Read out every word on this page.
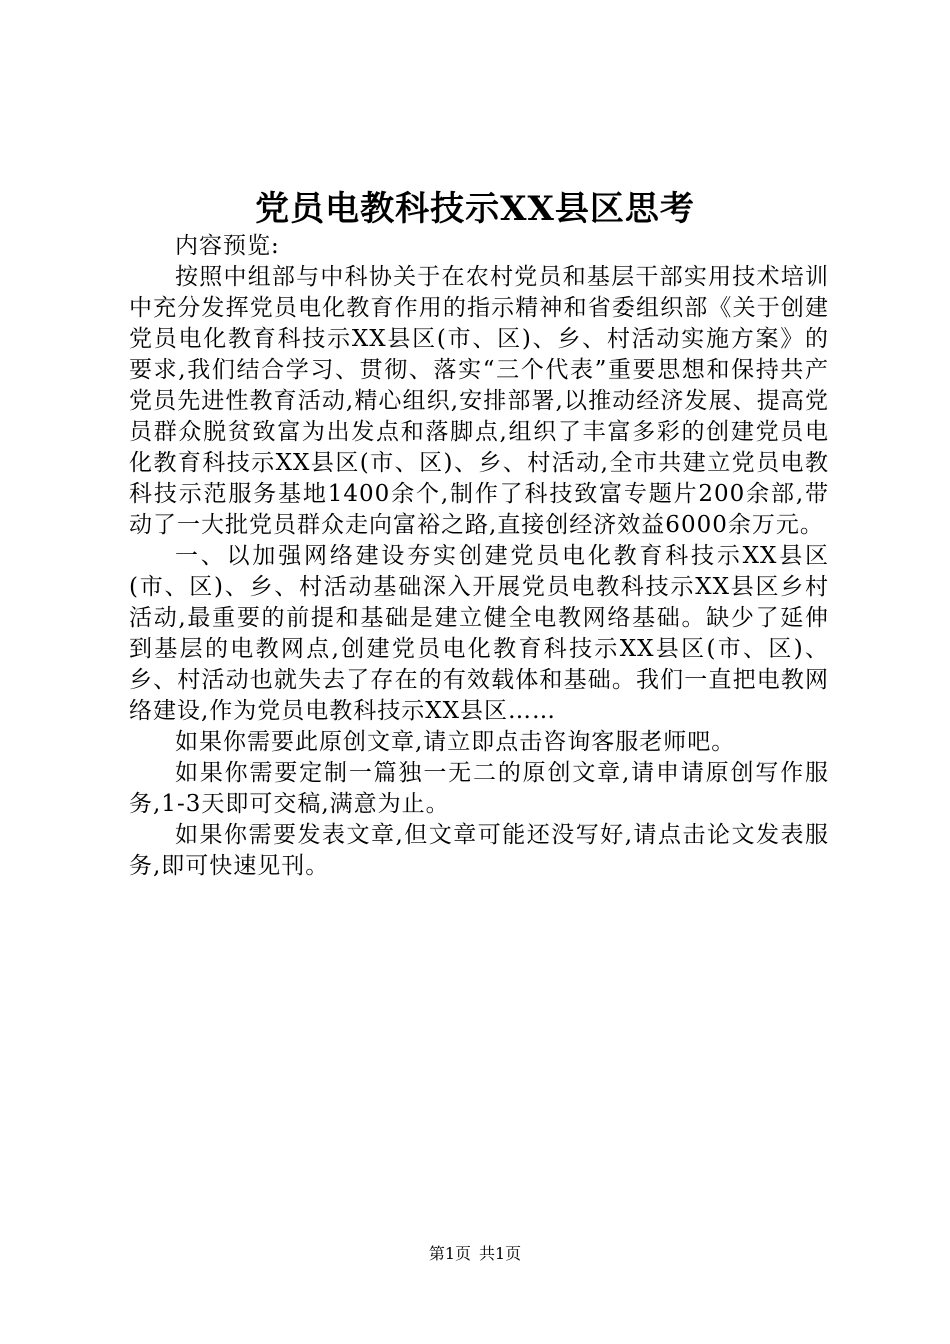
党员电教科技示XX县区思考

内容预览:

按照中组部与中科协关于在农村党员和基层干部实用技术培训中充分发挥党员电化教育作用的指示精神和省委组织部《关于创建党员电化教育科技示XX县区(市、区)、乡、村活动实施方案》的要求,我们结合学习、贯彻、落实“三个代表”重要思想和保持共产党员先进性教育活动,精心组织,安排部署,以推动经济发展、提高党员群众脱贫致富为出发点和落脚点,组织了丰富多彩的创建党员电化教育科技示XX县区(市、区)、乡、村活动,全市共建立党员电教科技示范服务基地1400余个,制作了科技致富专题片200余部,带动了一大批党员群众走向富裕之路,直接创经济效益6000余万元。

一、以加强网络建设夯实创建党员电化教育科技示XX县区(市、区)、乡、村活动基础深入开展党员电教科技示XX县区乡村活动,最重要的前提和基础是建立健全电教网络基础。缺少了延伸到基层的电教网点,创建党员电化教育科技示XX县区(市、区)、乡、村活动也就失去了存在的有效载体和基础。我们一直把电教网络建设,作为党员电教科技示XX县区……

如果你需要此原创文章,请立即点击咨询客服老师吧。

如果你需要定制一篇独一无二的原创文章,请申请原创写作服务,1-3天即可交稿,满意为止。

如果你需要发表文章,但文章可能还没写好,请点击论文发表服务,即可快速见刊。

第1页 共1页
